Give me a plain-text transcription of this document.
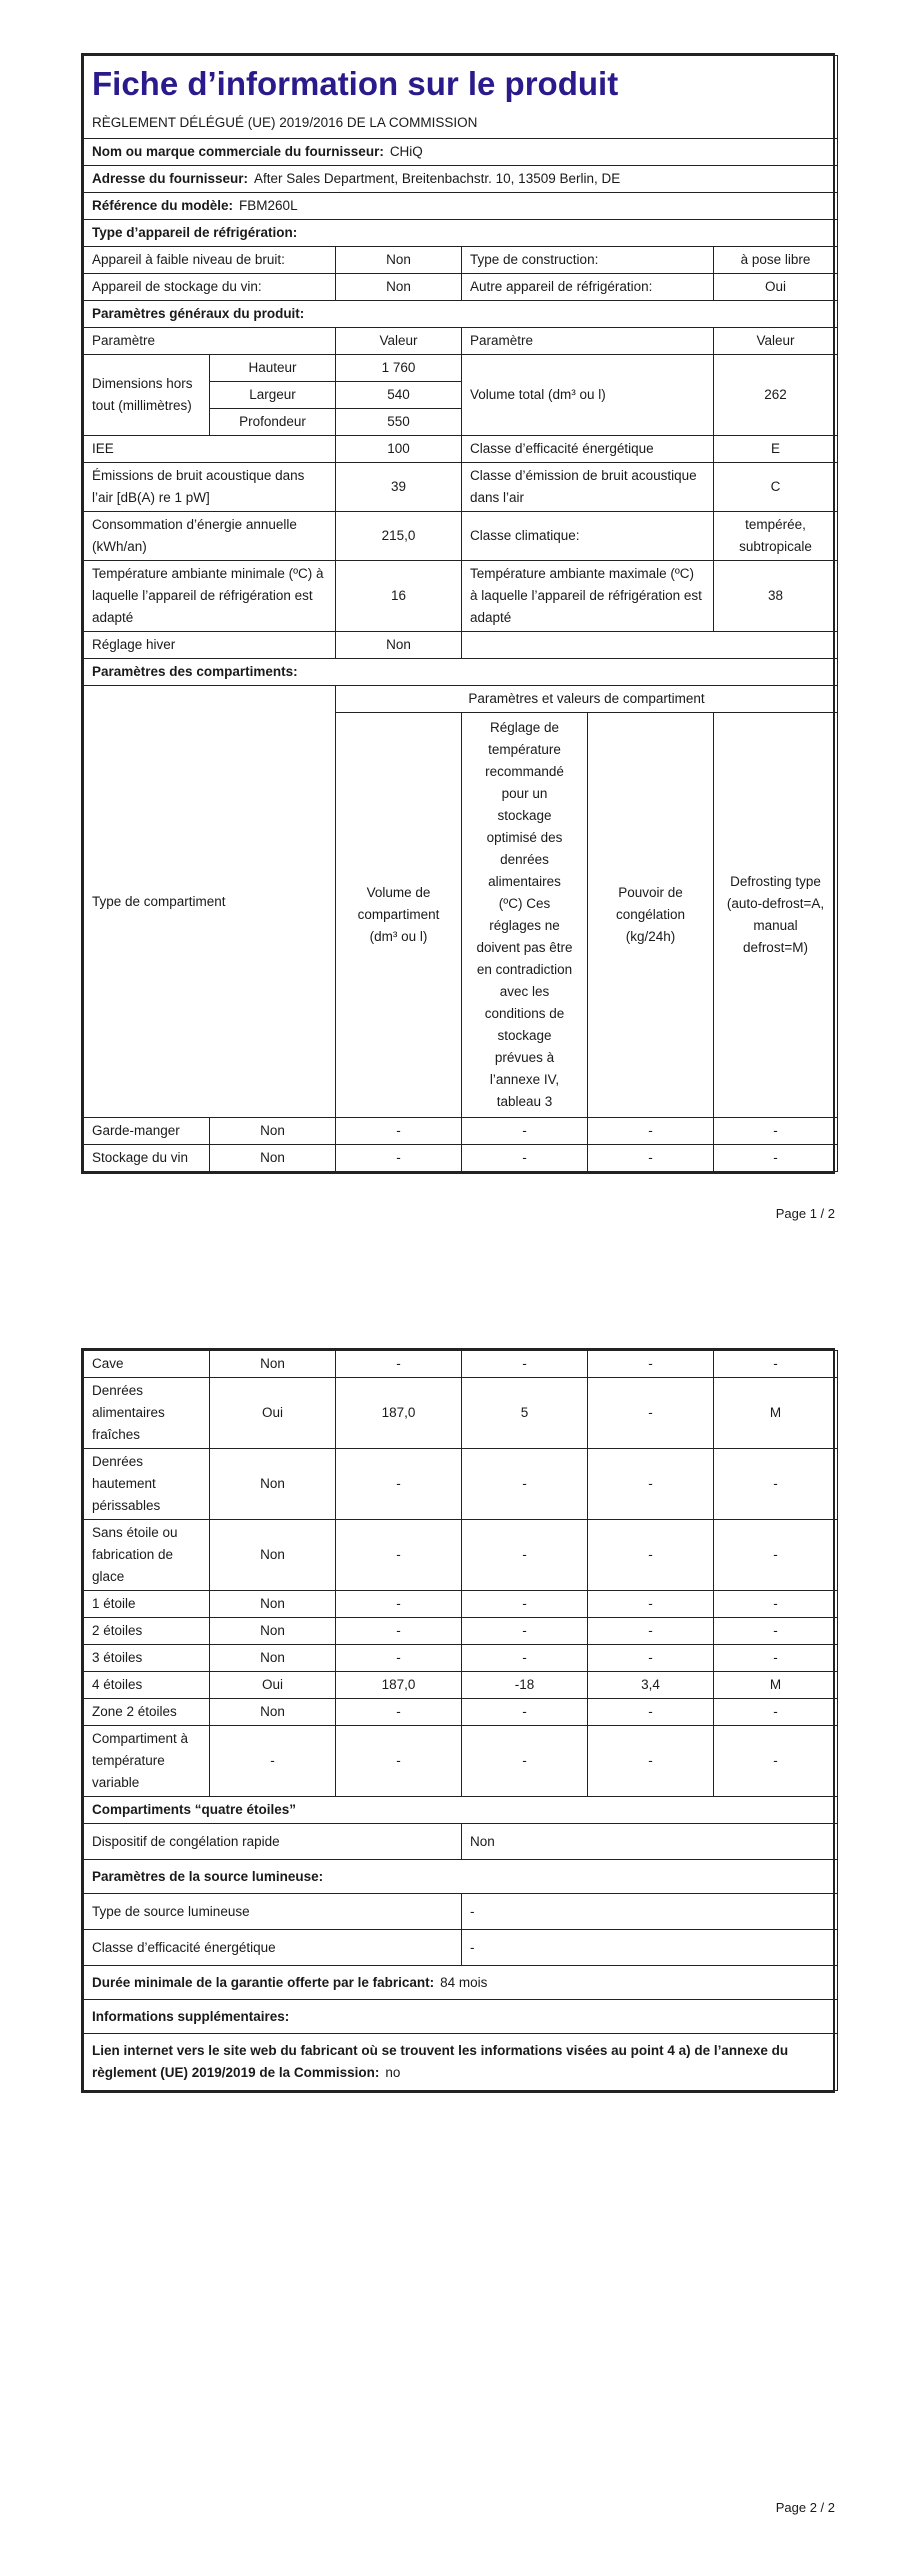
Fiche d’information sur le produit
RÈGLEMENT DÉLÉGUÉ (UE) 2019/2016 DE LA COMMISSION					

Nom ou marque commerciale du fournisseur: CHiQ					
Adresse du fournisseur: After Sales Department, Breitenbachstr. 10, 13509 Berlin, DE					
Référence du modèle: FBM260L					
Type d’appareil de réfrigération:					
Appareil à faible niveau de bruit:		Non	Type de construction:		à pose libre
Appareil de stockage du vin:		Non	Autre appareil de réfrigération:		Oui
Paramètres généraux du produit:					
Paramètre		Valeur	Paramètre		Valeur
Dimensions hors tout (millimètres)	Hauteur	1 760	Volume total (dm³ ou l)		262
	Largeur	540			
	Profondeur	550			
IEE		100	Classe d’efficacité énergétique		E
Émissions de bruit acoustique dans l’air [dB(A) re 1 pW]		39	Classe d’émission de bruit acoustique dans l’air		C
Consommation d’énergie annuelle (kWh/an)		215,0	Classe climatique:		tempérée, subtropicale
Température ambiante minimale (ºC) à laquelle l’appareil de réfrigération est adapté		16	Température ambiante maximale (ºC) à laquelle l’appareil de réfrigération est adapté		38
Réglage hiver		Non			
Paramètres des compartiments:					
Type de compartiment		Paramètres et valeurs de compartiment			
		Volume de compartiment (dm³ ou l)	Réglage de température recommandé pour un stockage optimisé des denrées alimentaires (ºC) Ces réglages ne doivent pas être en contradiction avec les conditions de stockage prévues à l’annexe IV, tableau 3	Pouvoir de congélation (kg/24h)	Defrosting type (auto-defrost=A, manual defrost=M)
Garde-manger	Non	-	-	-	-
Stockage du vin	Non	-	-	-	-
Page 1 / 2
Cave	Non	-	-	-	-
Denrées alimentaires fraîches	Oui	187,0	5	-	M
Denrées hautement périssables	Non	-	-	-	-
Sans étoile ou fabrication de glace	Non	-	-	-	-
1 étoile	Non	-	-	-	-
2 étoiles	Non	-	-	-	-
3 étoiles	Non	-	-	-	-
4 étoiles	Oui	187,0	-18	3,4	M
Zone 2 étoiles	Non	-	-	-	-
Compartiment à température variable	-	-	-	-	-
Compartiments “quatre étoiles”					
Dispositif de congélation rapide			Non		
Paramètres de la source lumineuse:					
Type de source lumineuse			-		
Classe d’efficacité énergétique			-		
Durée minimale de la garantie offerte par le fabricant: 84 mois					
Informations supplémentaires:					
Lien internet vers le site web du fabricant où se trouvent les informations visées au point 4 a) de l’annexe du règlement (UE) 2019/2019 de la Commission: no					
Page 2 / 2
